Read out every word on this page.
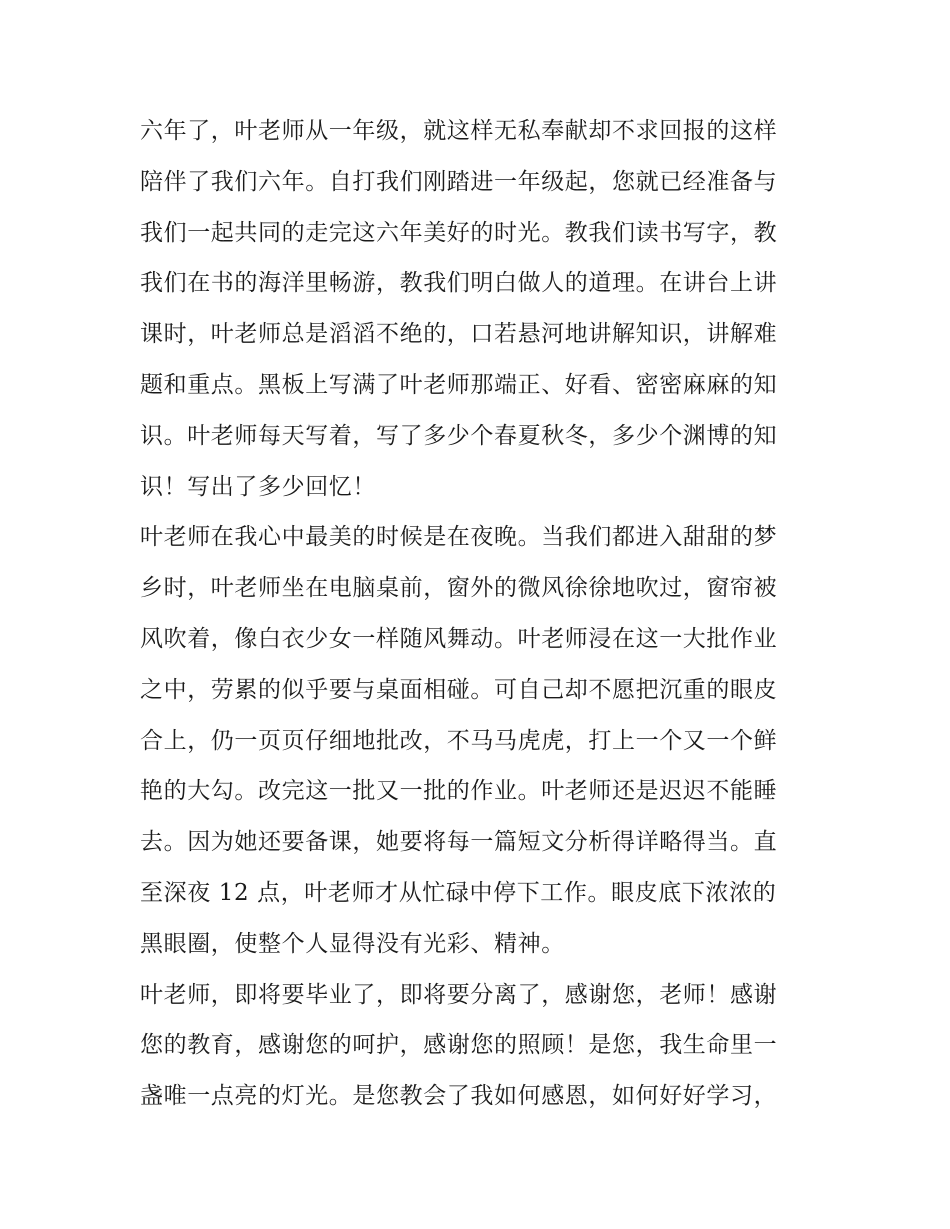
六年了，叶老师从一年级，就这样无私奉献却不求回报的这样
陪伴了我们六年。自打我们刚踏进一年级起，您就已经准备与
我们一起共同的走完这六年美好的时光。教我们读书写字，教
我们在书的海洋里畅游，教我们明白做人的道理。在讲台上讲
课时，叶老师总是滔滔不绝的，口若悬河地讲解知识，讲解难
题和重点。黑板上写满了叶老师那端正、好看、密密麻麻的知
识。叶老师每天写着，写了多少个春夏秋冬，多少个渊博的知
识！写出了多少回忆！
叶老师在我心中最美的时候是在夜晚。当我们都进入甜甜的梦
乡时，叶老师坐在电脑桌前，窗外的微风徐徐地吹过，窗帘被
风吹着，像白衣少女一样随风舞动。叶老师浸在这一大批作业
之中，劳累的似乎要与桌面相碰。可自己却不愿把沉重的眼皮
合上，仍一页页仔细地批改，不马马虎虎，打上一个又一个鲜
艳的大勾。改完这一批又一批的作业。叶老师还是迟迟不能睡
去。因为她还要备课，她要将每一篇短文分析得详略得当。直
至深夜 12 点，叶老师才从忙碌中停下工作。眼皮底下浓浓的
黑眼圈，使整个人显得没有光彩、精神。
叶老师，即将要毕业了，即将要分离了，感谢您，老师！感谢
您的教育，感谢您的呵护，感谢您的照顾！是您，我生命里一
盏唯一点亮的灯光。是您教会了我如何感恩，如何好好学习，
